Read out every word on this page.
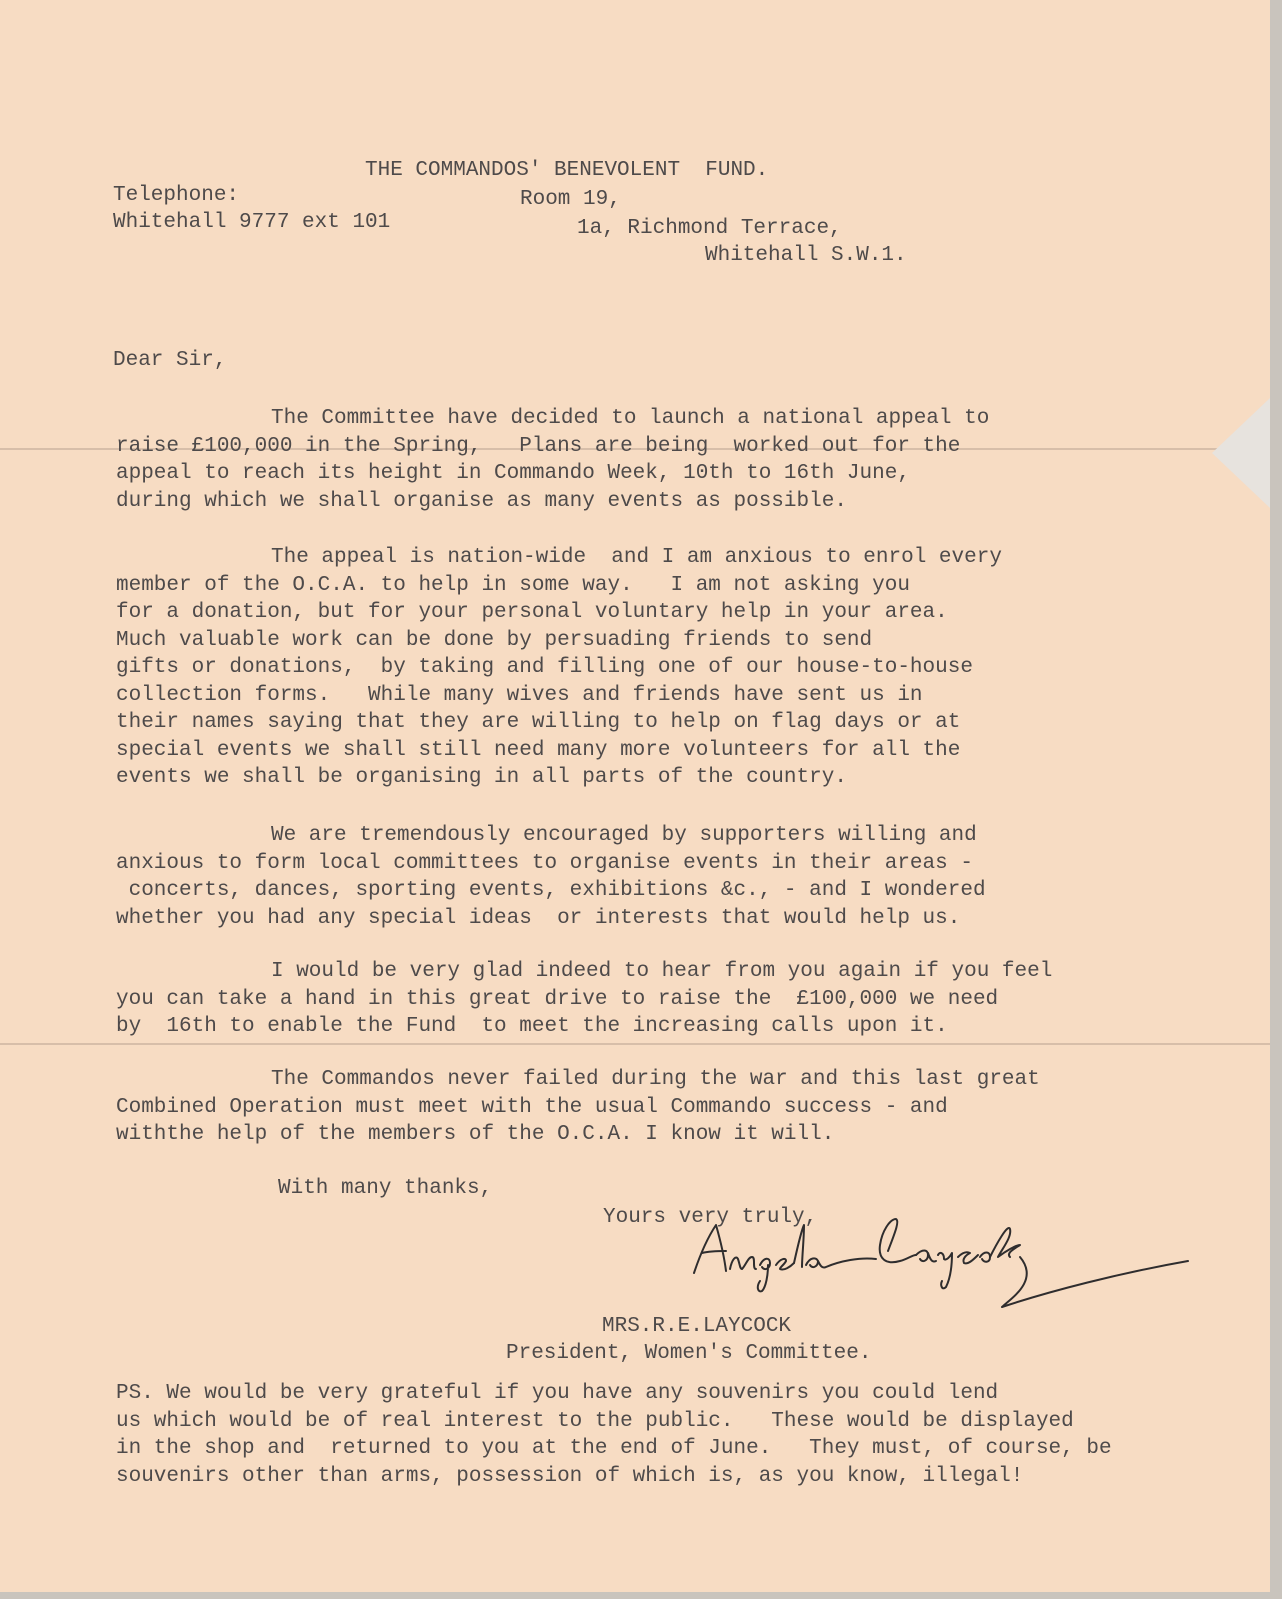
THE COMMANDOS' BENEVOLENT  FUND.
Telephone:
Whitehall 9777 ext 101
Room 19,
1a, Richmond Terrace,
Whitehall S.W.1.
Dear Sir,
The Committee have decided to launch a national appeal to
raise £100,000 in the Spring,   Plans are being  worked out for the
appeal to reach its height in Commando Week, 10th to 16th June,
during which we shall organise as many events as possible.
The appeal is nation-wide  and I am anxious to enrol every
member of the O.C.A. to help in some way.   I am not asking you
for a donation, but for your personal voluntary help in your area.
Much valuable work can be done by persuading friends to send
gifts or donations,  by taking and filling one of our house-to-house
collection forms.   While many wives and friends have sent us in
their names saying that they are willing to help on flag days or at
special events we shall still need many more volunteers for all the
events we shall be organising in all parts of the country.
We are tremendously encouraged by supporters willing and
anxious to form local committees to organise events in their areas -
concerts, dances, sporting events, exhibitions &c., - and I wondered
whether you had any special ideas  or interests that would help us.
I would be very glad indeed to hear from you again if you feel
you can take a hand in this great drive to raise the  £100,000 we need
by  16th to enable the Fund  to meet the increasing calls upon it.
The Commandos never failed during the war and this last great
Combined Operation must meet with the usual Commando success - and
withthe help of the members of the O.C.A. I know it will.
With many thanks,
Yours very truly,
MRS.R.E.LAYCOCK
President, Women's Committee.
PS. We would be very grateful if you have any souvenirs you could lend
us which would be of real interest to the public.   These would be displayed
in the shop and  returned to you at the end of June.   They must, of course, be
souvenirs other than arms, possession of which is, as you know, illegal!
